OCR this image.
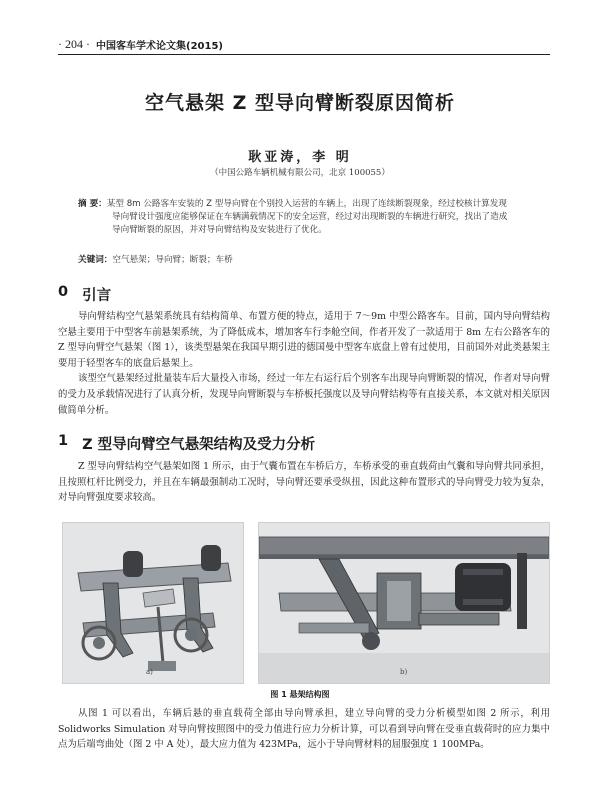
· 204 · 中国客车学术论文集(2015)
空气悬架 Z 型导向臂断裂原因简析
耿亚涛，李 明
（中国公路车辆机械有限公司，北京 100055）
摘 要：某型 8m 公路客车安装的 Z 型导向臂在个别投入运营的车辆上，出现了连续断裂现象，经过校核计算发现
导向臂设计强度应能够保证在车辆满载情况下的安全运营，经过对出现断裂的车辆进行研究，找出了造成
导向臂断裂的原因，并对导向臂结构及安装进行了优化。
关键词：空气悬架；导向臂；断裂；车桥
0 引言

导向臂结构空气悬架系统具有结构简单、布置方便的特点，适用于 7～9m 中型公路客车。目前，国内导向臂结构空悬主要用于中型客车前悬架系统，为了降低成本，增加客车行李舱空间，作者开发了一款适用于 8m 左右公路客车的 Z 型导向臂空气悬架（图 1），该类型悬架在我国早期引进的德国曼中型客车底盘上曾有过使用，目前国外对此类悬架主要用于轻型客车的底盘后悬架上。

该型空气悬架经过批量装车后大量投入市场，经过一年左右运行后个别客车出现导向臂断裂的情况，作者对导向臂的受力及承载情况进行了认真分析，发现导向臂断裂与车桥板托强度以及导向臂结构等有直接关系，本文就对相关原因做简单分析。

1 Z 型导向臂空气悬架结构及受力分析

Z 型导向臂结构空气悬架如图 1 所示，由于气囊布置在车桥后方，车桥承受的垂直载荷由气囊和导向臂共同承担，且按照杠杆比例受力，并且在车辆最强制动工况时，导向臂还要承受纵扭，因此这种布置形式的导向臂受力较为复杂，对导向臂强度要求较高。

a)	b)
图 1 悬架结构图

从图 1 可以看出，车辆后悬的垂直载荷全部由导向臂承担，建立导向臂的受力分析模型如图 2 所示，利用 Solidworks Simulation 对导向臂按照图中的受力值进行应力分析计算，可以看到导向臂在受垂直载荷时的应力集中点为后端弯曲处（图 2 中 A 处），最大应力值为 423MPa，远小于导向臂材料的屈服强度 1 100MPa。
